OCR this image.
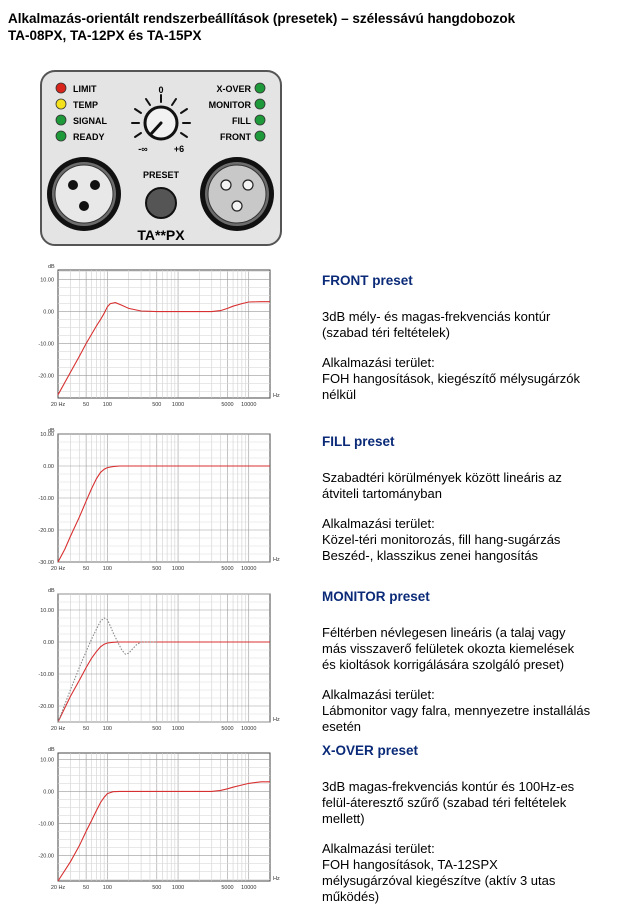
Alkalmazás-orientált rendszerbeállítások (presetek) – szélessávú hangdobozok
TA-08PX, TA-12PX és TA-15PX
LIMIT
TEMP
SIGNAL
READY
X-OVER
MONITOR
FILL
FRONT
0
-∞	+6
PRESET
TA**PX
10.00
0.00
-10.00
-20.00
20 Hz	50 100	500 1000	5000 10000
dB
Hz
10.00
0.00
-10.00
-20.00
-30.00
20 Hz	50 100	500 1000	5000 10000
dB
Hz
10.00
0.00
-10.00
-20.00
20 Hz	50 100	500 1000	5000 10000
dB
Hz
10.00
0.00
-10.00
-20.00
20 Hz	50 100	500 1000	5000 10000
dB
Hz
FRONT preset

3dB mély- és magas-frekvenciás kontúr
(szabad téri feltételek)

Alkalmazási terület:
FOH hangosítások, kiegészítő mélysugárzók
nélkül

FILL preset

Szabadtéri körülmények között lineáris az
átviteli tartományban

Alkalmazási terület:
Közel-téri monitorozás, fill hang-sugárzás
Beszéd-, klasszikus zenei hangosítás

MONITOR preset

Féltérben névlegesen lineáris (a talaj vagy
más visszaverő felületek okozta kiemelések
és kioltások korrigálására szolgáló preset)

Alkalmazási terület:
Lábmonitor vagy falra, mennyezetre installálás
esetén

X-OVER preset

3dB magas-frekvenciás kontúr és 100Hz-es
felül-áteresztő szűrő (szabad téri feltételek
mellett)

Alkalmazási terület:
FOH hangosítások, TA-12SPX
mélysugárzóval kiegészítve (aktív 3 utas
működés)
